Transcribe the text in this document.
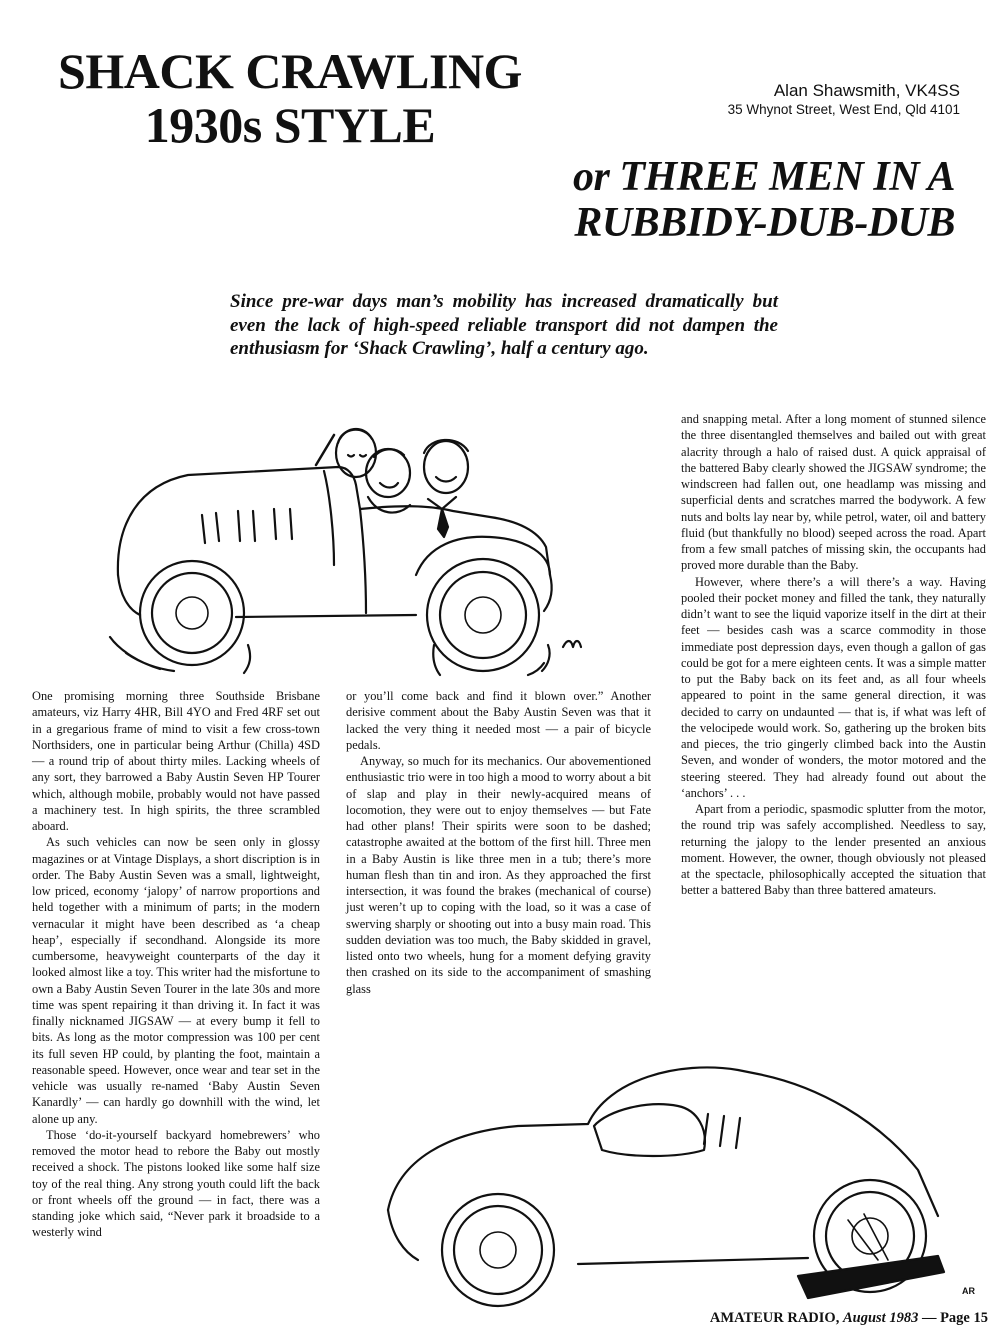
SHACK CRAWLING
1930s STYLE
Alan Shawsmith, VK4SS
35 Whynot Street, West End, Qld 4101
or THREE MEN IN A
RUBBIDY-DUB-DUB
Since pre-war days man’s mobility has increased dramatically but even the lack of high-speed reliable transport did not dampen the enthusiasm for ‘Shack Crawling’, half a century ago.

One promising morning three Southside Brisbane amateurs, viz Harry 4HR, Bill 4YO and Fred 4RF set out in a gregarious frame of mind to visit a few cross-town Northsiders, one in particular being Arthur (Chilla) 4SD — a round trip of about thirty miles. Lacking wheels of any sort, they barrowed a Baby Austin Seven HP Tourer which, although mobile, probably would not have passed a machinery test. In high spirits, the three scrambled aboard.

As such vehicles can now be seen only in glossy magazines or at Vintage Displays, a short discription is in order. The Baby Austin Seven was a small, lightweight, low priced, economy ‘jalopy’ of narrow proportions and held together with a minimum of parts; in the modern vernacular it might have been described as ‘a cheap heap’, especially if secondhand. Alongside its more cumbersome, heavyweight counterparts of the day it looked almost like a toy. This writer had the misfortune to own a Baby Austin Seven Tourer in the late 30s and more time was spent repairing it than driving it. In fact it was finally nicknamed JIGSAW — at every bump it fell to bits. As long as the motor compression was 100 per cent its full seven HP could, by planting the foot, maintain a reasonable speed. However, once wear and tear set in the vehicle was usually re-named ‘Baby Austin Seven Kanardly’ — can hardly go downhill with the wind, let alone up any.

Those ‘do-it-yourself backyard homebrewers’ who removed the motor head to rebore the Baby out mostly received a shock. The pistons looked like some half size toy of the real thing. Any strong youth could lift the back or front wheels off the ground — in fact, there was a standing joke which said, “Never park it broadside to a westerly wind

or you’ll come back and find it blown over.” Another derisive comment about the Baby Austin Seven was that it lacked the very thing it needed most — a pair of bicycle pedals.

Anyway, so much for its mechanics. Our abovementioned enthusiastic trio were in too high a mood to worry about a bit of slap and play in their newly-acquired means of locomotion, they were out to enjoy themselves — but Fate had other plans! Their spirits were soon to be dashed; catastrophe awaited at the bottom of the first hill. Three men in a Baby Austin is like three men in a tub; there’s more human flesh than tin and iron. As they approached the first intersection, it was found the brakes (mechanical of course) just weren’t up to coping with the load, so it was a case of swerving sharply or shooting out into a busy main road. This sudden deviation was too much, the Baby skidded in gravel, listed onto two wheels, hung for a moment defying gravity then crashed on its side to the accompaniment of smashing glass

and snapping metal. After a long moment of stunned silence the three disentangled themselves and bailed out with great alacrity through a halo of raised dust. A quick appraisal of the battered Baby clearly showed the JIGSAW syndrome; the windscreen had fallen out, one headlamp was missing and superficial dents and scratches marred the bodywork. A few nuts and bolts lay near by, while petrol, water, oil and battery fluid (but thankfully no blood) seeped across the road. Apart from a few small patches of missing skin, the occupants had proved more durable than the Baby.

However, where there’s a will there’s a way. Having pooled their pocket money and filled the tank, they naturally didn’t want to see the liquid vaporize itself in the dirt at their feet — besides cash was a scarce commodity in those immediate post depression days, even though a gallon of gas could be got for a mere eighteen cents. It was a simple matter to put the Baby back on its feet and, as all four wheels appeared to point in the same general direction, it was decided to carry on undaunted — that is, if what was left of the velocipede would work. So, gathering up the broken bits and pieces, the trio gingerly climbed back into the Austin Seven, and wonder of wonders, the motor motored and the steering steered. They had already found out about the ‘anchors’ . . .

Apart from a periodic, spasmodic splutter from the motor, the round trip was safely accomplished. Needless to say, returning the jalopy to the lender presented an anxious moment. However, the owner, though obviously not pleased at the spectacle, philosophically accepted the situation that better a battered Baby than three battered amateurs.

AR
AMATEUR RADIO, August 1983 — Page 15
